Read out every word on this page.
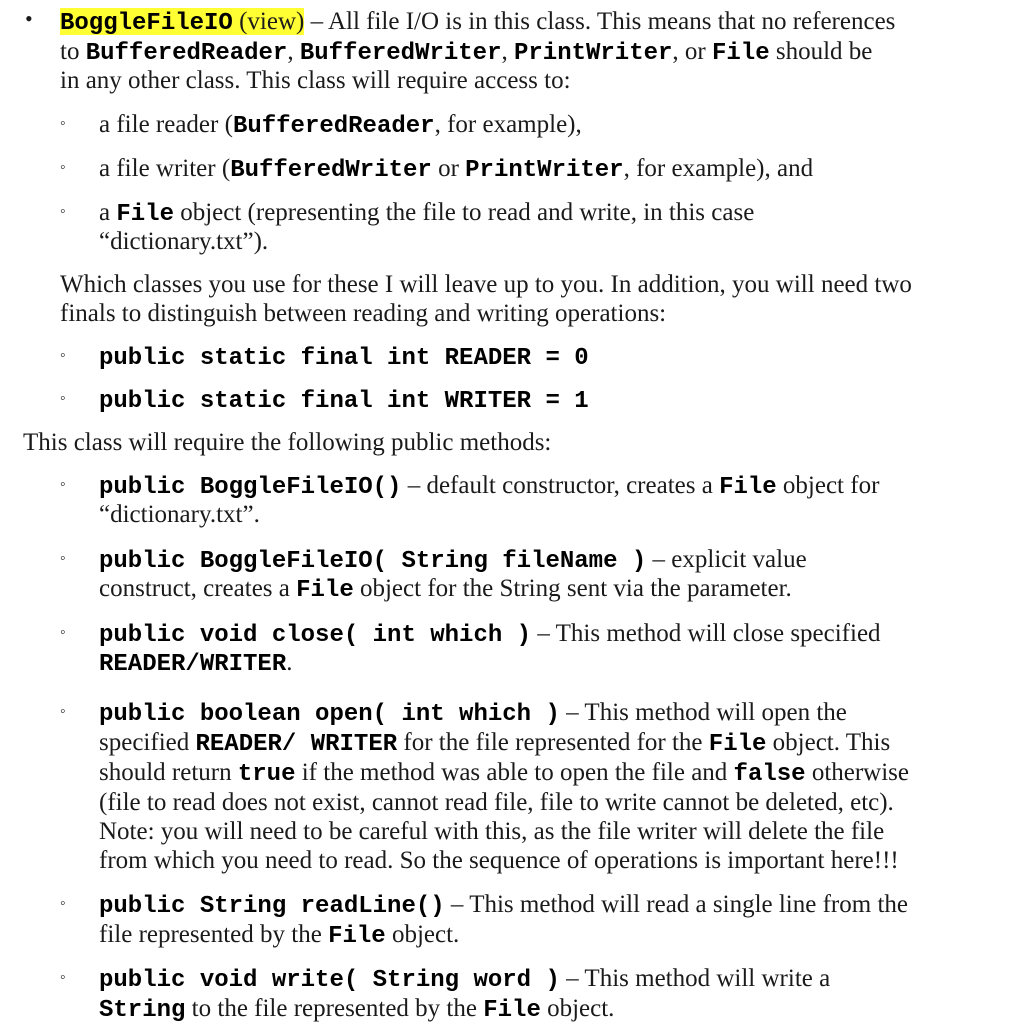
• BoggleFileIO (view) – All file I/O is in this class. This means that no references
to BufferedReader, BufferedWriter, PrintWriter, or File should be
in any other class. This class will require access to:
◦ a file reader (BufferedReader, for example),
◦ a file writer (BufferedWriter or PrintWriter, for example), and
◦ a File object (representing the file to read and write, in this case
“dictionary.txt”).
Which classes you use for these I will leave up to you. In addition, you will need two
finals to distinguish between reading and writing operations:
◦ public static final int READER = 0
◦ public static final int WRITER = 1
This class will require the following public methods:
◦ public BoggleFileIO() – default constructor, creates a File object for
“dictionary.txt”.
◦ public BoggleFileIO( String fileName ) – explicit value
construct, creates a File object for the String sent via the parameter.
◦ public void close( int which ) – This method will close specified
READER/WRITER.
◦ public boolean open( int which ) – This method will open the
specified READER/ WRITER for the file represented for the File object. This
should return true if the method was able to open the file and false otherwise
(file to read does not exist, cannot read file, file to write cannot be deleted, etc).
Note: you will need to be careful with this, as the file writer will delete the file
from which you need to read. So the sequence of operations is important here!!!
◦ public String readLine() – This method will read a single line from the
file represented by the File object.
◦ public void write( String word ) – This method will write a
String to the file represented by the File object.
